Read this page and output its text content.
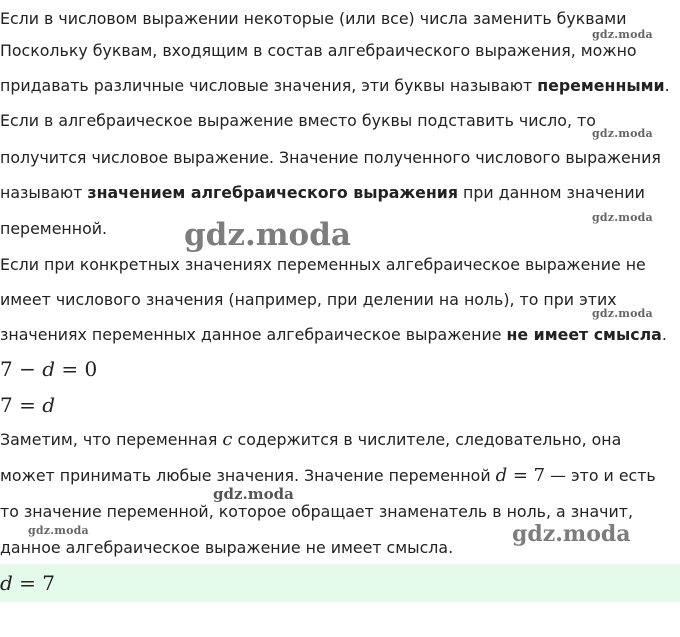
Если в числовом выражении некоторые (или все) числа заменить буквами
Поскольку буквам, входящим в состав алгебраического выражения, можно
придавать различные числовые значения, эти буквы называют переменными.
Если в алгебраическое выражение вместо буквы подставить число, то
получится числовое выражение. Значение полученного числового выражения
называют значением алгебраического выражения при данном значении
переменной.
Если при конкретных значениях переменных алгебраическое выражение не
имеет числового значения (например, при делении на ноль), то при этих
значениях переменных данное алгебраическое выражение не имеет смысла.
7 − d = 0
7 = d
Заметим, что переменная c содержится в числителе, следовательно, она
может принимать любые значения. Значение переменной d = 7 — это и есть
то значение переменной, которое обращает знаменатель в ноль, а значит,
данное алгебраическое выражение не имеет смысла.
d = 7
gdz.moda
gdz.moda
gdz.moda
gdz.moda
gdz.moda
gdz.moda
gdz.moda	gdz.moda
